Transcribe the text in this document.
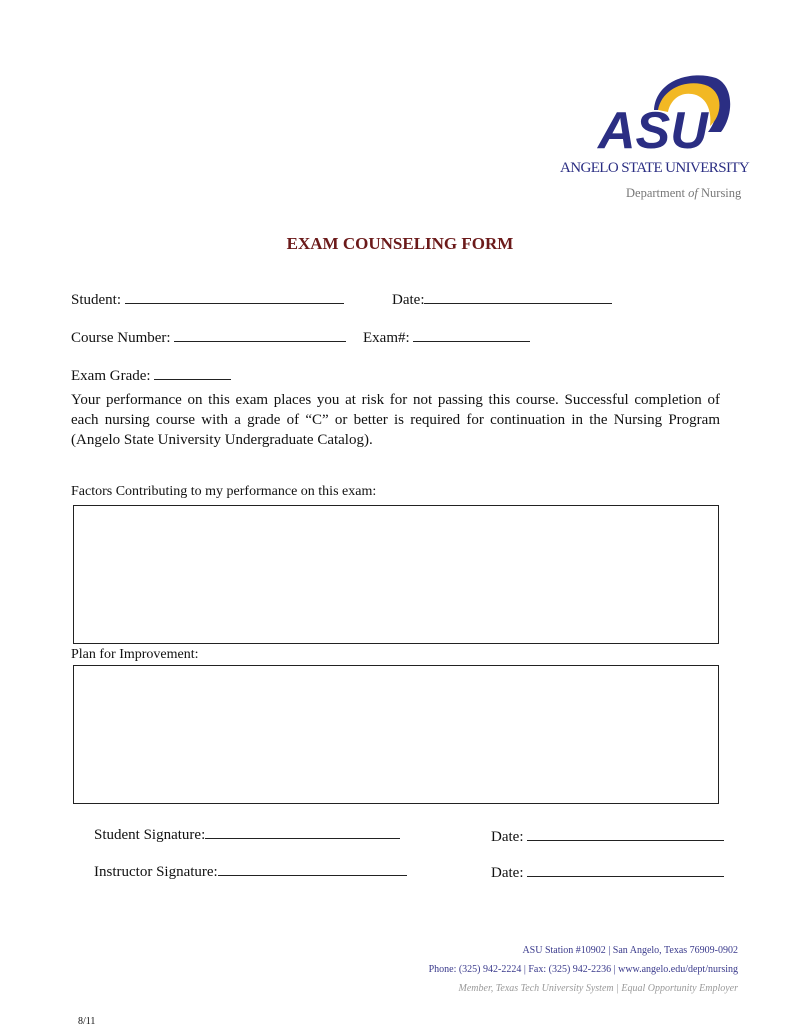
ASU
ANGELO STATE UNIVERSITY
Department of Nursing
EXAM COUNSELING FORM
Student:	Date:
Course Number:	Exam#:
Exam Grade:
Your performance on this exam places you at risk for not passing this course. Successful completion of each nursing course with a grade of “C” or better is required for continuation in the Nursing Program (Angelo State University Undergraduate Catalog).
Factors Contributing to my performance on this exam:
Plan for Improvement:
Student Signature:	Date:
Instructor Signature:	Date:
ASU Station #10902 | San Angelo, Texas 76909-0902
Phone: (325) 942-2224 | Fax: (325) 942-2236 | www.angelo.edu/dept/nursing
Member, Texas Tech University System | Equal Opportunity Employer
8/11
